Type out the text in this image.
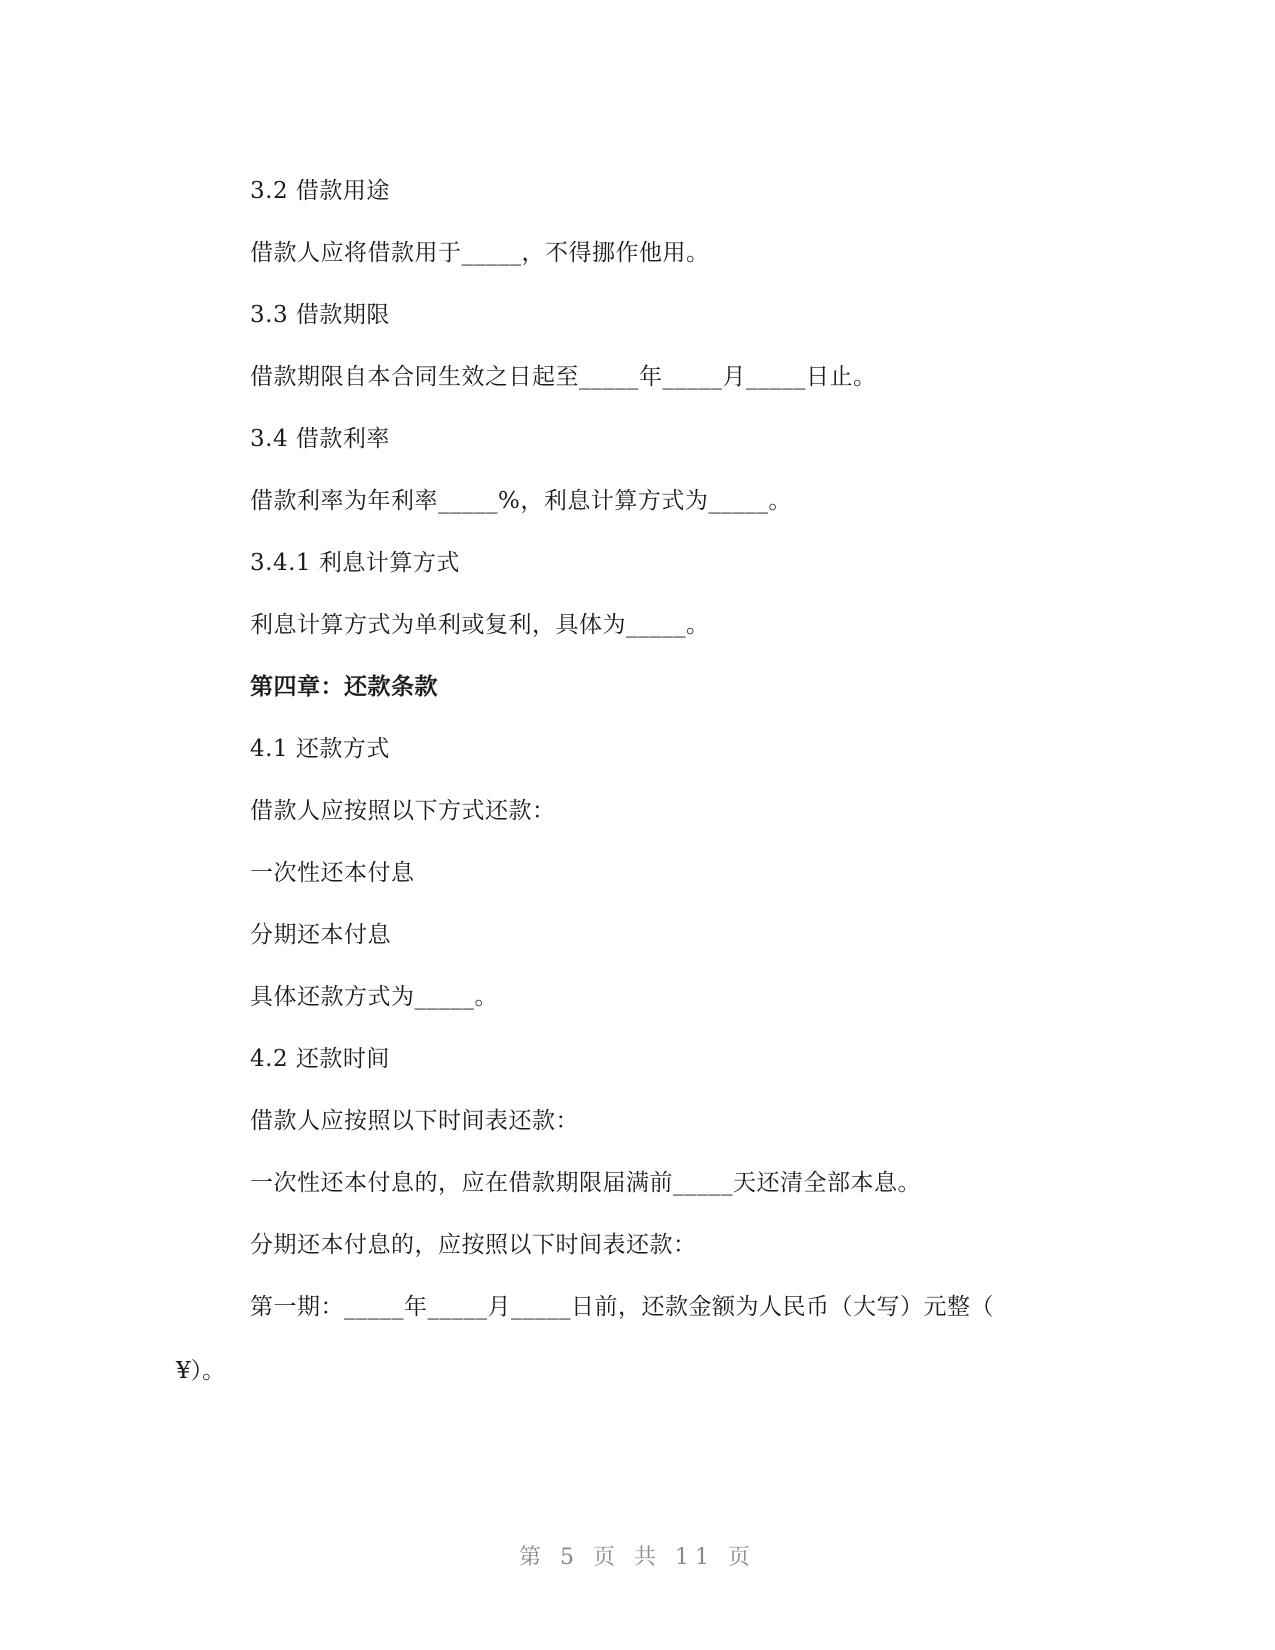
3.2 借款用途
借款人应将借款用于_____，不得挪作他用。
3.3 借款期限
借款期限自本合同生效之日起至_____年_____月_____日止。
3.4 借款利率
借款利率为年利率_____%，利息计算方式为_____。
3.4.1 利息计算方式
利息计算方式为单利或复利，具体为_____。
第四章：还款条款
4.1 还款方式
借款人应按照以下方式还款：
一次性还本付息
分期还本付息
具体还款方式为_____。
4.2 还款时间
借款人应按照以下时间表还款：
一次性还本付息的，应在借款期限届满前_____天还清全部本息。
分期还本付息的，应按照以下时间表还款：
第一期：_____年_____月_____日前，还款金额为人民币（大写）元整（
¥）。
第 5 页 共 11 页
